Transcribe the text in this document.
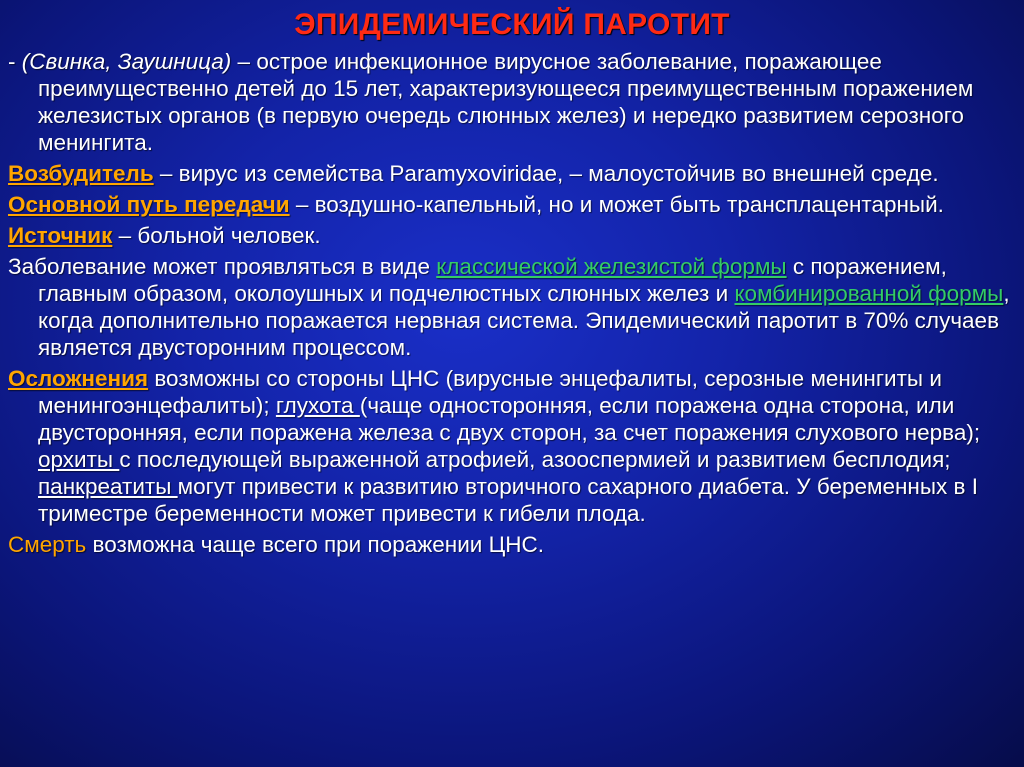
ЭПИДЕМИЧЕСКИЙ ПАРОТИТ

- (Свинка, Заушница) – острое инфекционное вирусное заболевание, поражающее преимущественно детей до 15 лет, характеризующееся преимущественным поражением железистых органов (в первую очередь слюнных желез) и нередко развитием серозного менингита.

Возбудитель – вирус из семейства Paramyxoviridae, – малоустойчив во внешней среде.

Основной путь передачи – воздушно-капельный, но и может быть трансплацентарный.

Источник – больной человек.

Заболевание может проявляться в виде классической железистой формы с поражением, главным образом, околоушных и подчелюстных слюнных желез и комбинированной формы, когда дополнительно поражается нервная система. Эпидемический паротит в 70% случаев является двусторонним процессом.

Осложнения возможны со стороны ЦНС (вирусные энцефалиты, серозные менингиты и менингоэнцефалиты); глухота (чаще односторонняя, если поражена одна сторона, или двусторонняя, если поражена железа с двух сторон, за счет поражения слухового нерва); орхиты с последующей выраженной атрофией, азооспермией и развитием бесплодия; панкреатиты могут привести к развитию вторичного сахарного диабета. У беременных в I триместре беременности может привести к гибели плода.

Смерть возможна чаще всего при поражении ЦНС.
